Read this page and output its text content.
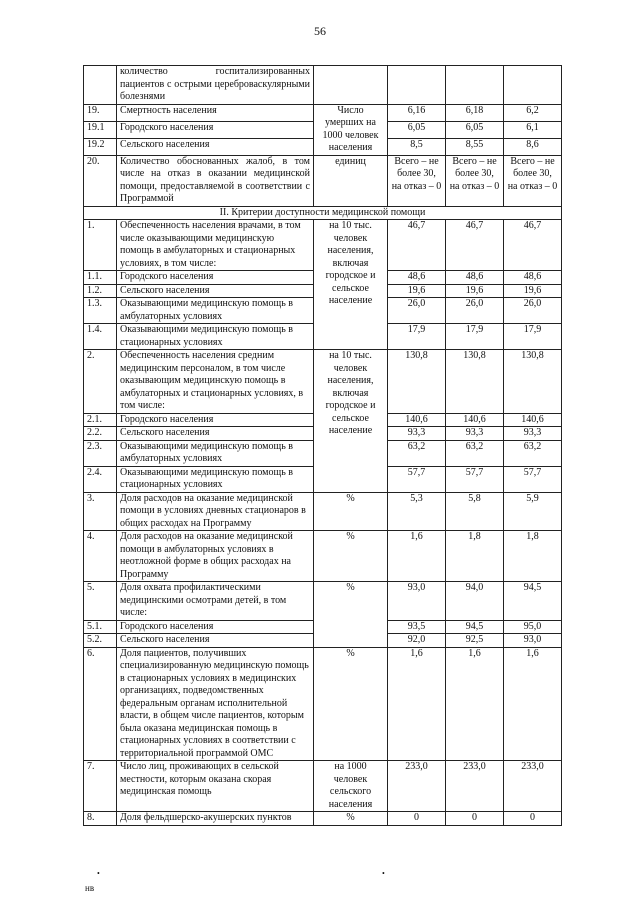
56
	количество госпитализированных пациентов с острыми цереброваскулярными болезнями				
19.	Смертность населения	Число умерших на 1000 человек населения	6,16	6,18	6,2
19.1	Городского населения		6,05	6,05	6,1
19.2	Сельского населения		8,5	8,55	8,6
20.	Количество обоснованных жалоб, в том числе на отказ в оказании медицинской помощи, предоставляемой в соответствии с Программой	единиц	Всего – не более 30, на отказ – 0	Всего – не более 30, на отказ – 0	Всего – не более 30, на отказ – 0
II. Критерии доступности медицинской помощи					
1.	Обеспеченность населения врачами, в том числе оказывающими медицинскую помощь в амбулаторных и стационарных условиях, в том числе:	на 10 тыс. человек населения, включая городское и сельское население	46,7	46,7	46,7
1.1.	Городского населения		48,6	48,6	48,6
1.2.	Сельского населения		19,6	19,6	19,6
1.3.	Оказывающими медицинскую помощь в амбулаторных условиях		26,0	26,0	26,0
1.4.	Оказывающими медицинскую помощь в стационарных условиях		17,9	17,9	17,9
2.	Обеспеченность населения средним медицинским персоналом, в том числе оказывающим медицинскую помощь в амбулаторных и стационарных условиях, в том числе:	на 10 тыс. человек населения, включая городское и сельское население	130,8	130,8	130,8
2.1.	Городского населения		140,6	140,6	140,6
2.2.	Сельского населения		93,3	93,3	93,3
2.3.	Оказывающими медицинскую помощь в амбулаторных условиях		63,2	63,2	63,2
2.4.	Оказывающими медицинскую помощь в стационарных условиях		57,7	57,7	57,7
3.	Доля расходов на оказание медицинской помощи в условиях дневных стационаров в общих расходах на Программу	%	5,3	5,8	5,9
4.	Доля расходов на оказание медицинской помощи в амбулаторных условиях в неотложной форме в общих расходах на Программу	%	1,6	1,8	1,8
5.	Доля охвата профилактическими медицинскими осмотрами детей, в том числе:	%	93,0	94,0	94,5
5.1.	Городского населения		93,5	94,5	95,0
5.2.	Сельского населения		92,0	92,5	93,0
6.	Доля пациентов, получивших специализированную медицинскую помощь в стационарных условиях в медицинских организациях, подведомственных федеральным органам исполнительной власти, в общем числе пациентов, которым была оказана медицинская помощь в стационарных условиях в соответствии с территориальной программой ОМС	%	1,6	1,6	1,6
7.	Число лиц, проживающих в сельской местности, которым оказана скорая медицинская помощь	на 1000 человек сельского населения	233,0	233,0	233,0
8.	Доля фельдшерско-акушерских пунктов	%	0	0	0
нв
•	•
